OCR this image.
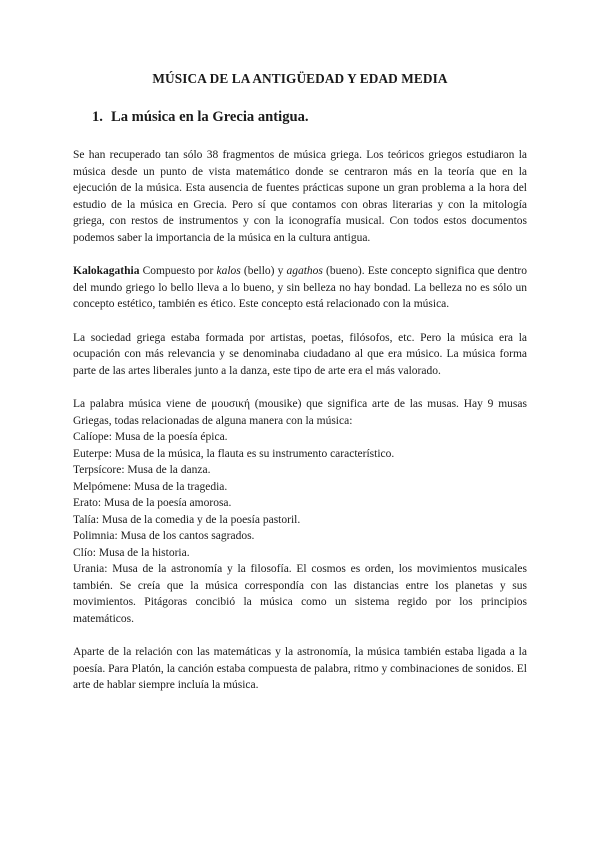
MÚSICA DE LA ANTIGÜEDAD Y EDAD MEDIA
1. La música en la Grecia antigua.

Se han recuperado tan sólo 38 fragmentos de música griega. Los teóricos griegos estudiaron la música desde un punto de vista matemático donde se centraron más en la teoría que en la ejecución de la música. Esta ausencia de fuentes prácticas supone un gran problema a la hora del estudio de la música en Grecia. Pero sí que contamos con obras literarias y con la mitología griega, con restos de instrumentos y con la iconografía musical. Con todos estos documentos podemos saber la importancia de la música en la cultura antigua.

Kalokagathia Compuesto por kalos (bello) y agathos (bueno). Este concepto significa que dentro del mundo griego lo bello lleva a lo bueno, y sin belleza no hay bondad. La belleza no es sólo un concepto estético, también es ético. Este concepto está relacionado con la música.

La sociedad griega estaba formada por artistas, poetas, filósofos, etc. Pero la música era la ocupación con más relevancia y se denominaba ciudadano al que era músico. La música forma parte de las artes liberales junto a la danza, este tipo de arte era el más valorado.

La palabra música viene de μουσική (mousike) que significa arte de las musas. Hay 9 musas Griegas, todas relacionadas de alguna manera con la música:
Calíope: Musa de la poesía épica.
Euterpe: Musa de la música, la flauta es su instrumento característico.
Terpsícore: Musa de la danza.
Melpómene: Musa de la tragedia.
Erato: Musa de la poesía amorosa.
Talía: Musa de la comedia y de la poesía pastoril.
Polimnia: Musa de los cantos sagrados.
Clío: Musa de la historia.
Urania: Musa de la astronomía y la filosofía. El cosmos es orden, los movimientos musicales también. Se creía que la música correspondía con las distancias entre los planetas y sus movimientos. Pitágoras concibió la música como un sistema regido por los principios matemáticos.

Aparte de la relación con las matemáticas y la astronomía, la música también estaba ligada a la poesía. Para Platón, la canción estaba compuesta de palabra, ritmo y combinaciones de sonidos. El arte de hablar siempre incluía la música.
